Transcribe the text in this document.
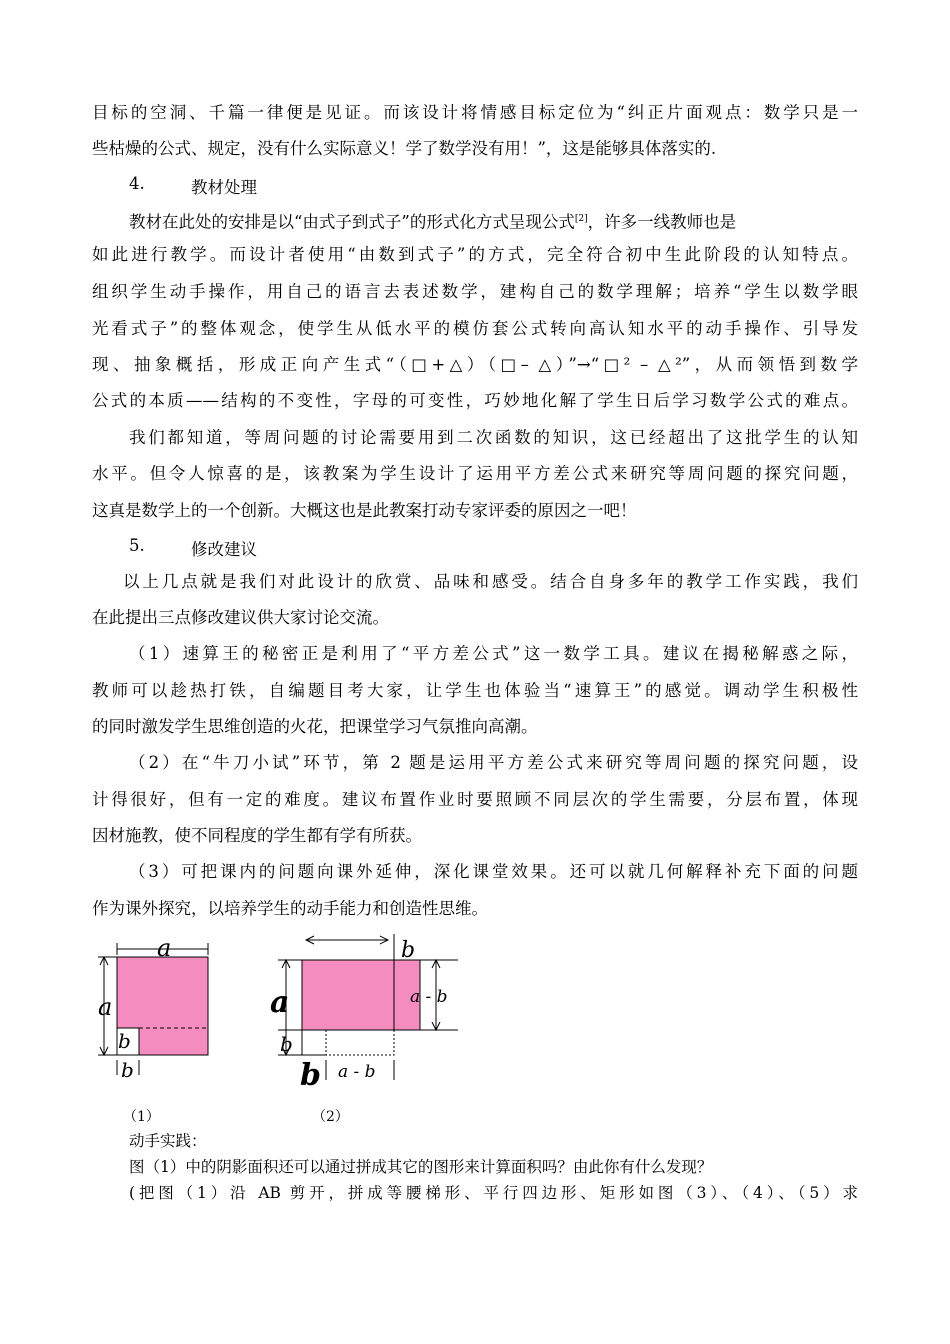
目标的空洞、千篇一律便是见证。而该设计将情感目标定位为“纠正片面观点：数学只是一
些枯燥的公式、规定，没有什么实际意义！学了数学没有用！”，这是能够具体落实的.
4.	教材处理
教材在此处的安排是以“由式子到式子”的形式化方式呈现公式[2]，许多一线教师也是
如此进行教学。而设计者使用“由数到式子”的方式，完全符合初中生此阶段的认知特点。
组织学生动手操作，用自己的语言去表述数学，建构自己的数学理解；培养“学生以数学眼
光看式子”的整体观念，使学生从低水平的模仿套公式转向高认知水平的动手操作、引导发
现、抽象概括，形成正向产生式“（□+△）（□– △）”→“□² – △²”，从而领悟到数学
公式的本质——结构的不变性，字母的可变性，巧妙地化解了学生日后学习数学公式的难点。
我们都知道，等周问题的讨论需要用到二次函数的知识，这已经超出了这批学生的认知
水平。但令人惊喜的是，该教案为学生设计了运用平方差公式来研究等周问题的探究问题，
这真是数学上的一个创新。大概这也是此教案打动专家评委的原因之一吧！
5.	修改建议
以上几点就是我们对此设计的欣赏、品味和感受。结合自身多年的教学工作实践，我们
在此提出三点修改建议供大家讨论交流。
（1）速算王的秘密正是利用了“平方差公式”这一数学工具。建议在揭秘解惑之际，
教师可以趁热打铁，自编题目考大家，让学生也体验当“速算王”的感觉。调动学生积极性
的同时激发学生思维创造的火花，把课堂学习气氛推向高潮。
（2）在“牛刀小试”环节，第 2 题是运用平方差公式来研究等周问题的探究问题，设
计得很好，但有一定的难度。建议布置作业时要照顾不同层次的学生需要，分层布置，体现
因材施教，使不同程度的学生都有学有所获。
（3）可把课内的问题向课外延伸，深化课堂效果。还可以就几何解释补充下面的问题
作为课外探究，以培养学生的动手能力和创造性思维。
a
a
b
b
（1）
b
a - b
a
b
b a - b
（2）
动手实践：
图（1）中的阴影面积还可以通过拼成其它的图形来计算面积吗？由此你有什么发现？
(把图（1）沿 AB 剪开，拼成等腰梯形、平行四边形、矩形如图（3）、（4）、（5）求
